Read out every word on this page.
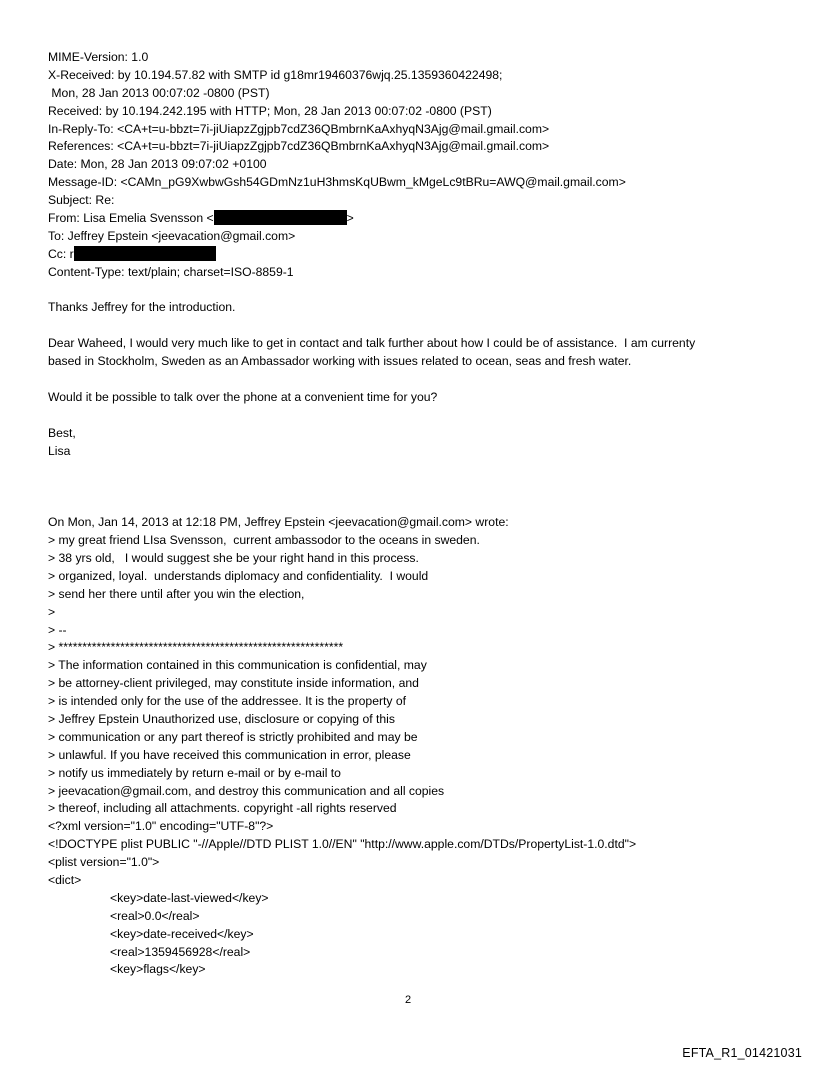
MIME-Version: 1.0
X-Received: by 10.194.57.82 with SMTP id g18mr19460376wjq.25.1359360422498;
Mon, 28 Jan 2013 00:07:02 -0800 (PST)
Received: by 10.194.242.195 with HTTP; Mon, 28 Jan 2013 00:07:02 -0800 (PST)
In-Reply-To: <CA+t=u-bbzt=7i-jiUiapzZgjpb7cdZ36QBmbrnKaAxhyqN3Ajg@mail.gmail.com>
References: <CA+t=u-bbzt=7i-jiUiapzZgjpb7cdZ36QBmbrnKaAxhyqN3Ajg@mail.gmail.com>
Date: Mon, 28 Jan 2013 09:07:02 +0100
Message-ID: <CAMn_pG9XwbwGsh54GDmNz1uH3hmsKqUBwm_kMgeLc9tBRu=AWQ@mail.gmail.com>
Subject: Re:
From: Lisa Emelia Svensson <	>
To: Jeffrey Epstein <jeevacation@gmail.com>
Cc: r
Content-Type: text/plain; charset=ISO-8859-1
Thanks Jeffrey for the introduction.
Dear Waheed, I would very much like to get in contact and talk further about how I could be of assistance.  I am currenty
based in Stockholm, Sweden as an Ambassador working with issues related to ocean, seas and fresh water.
Would it be possible to talk over the phone at a convenient time for you?
Best,
Lisa
On Mon, Jan 14, 2013 at 12:18 PM, Jeffrey Epstein <jeevacation@gmail.com> wrote:
> my great friend LIsa Svensson,  current ambassodor to the oceans in sweden.
> 38 yrs old,   I would suggest she be your right hand in this process.
> organized, loyal.  understands diplomacy and confidentiality.  I would
> send her there until after you win the election,
>
> --
> ************************************************************
> The information contained in this communication is confidential, may
> be attorney-client privileged, may constitute inside information, and
> is intended only for the use of the addressee. It is the property of
> Jeffrey Epstein Unauthorized use, disclosure or copying of this
> communication or any part thereof is strictly prohibited and may be
> unlawful. If you have received this communication in error, please
> notify us immediately by return e-mail or by e-mail to
> jeevacation@gmail.com, and destroy this communication and all copies
> thereof, including all attachments. copyright -all rights reserved
<?xml version="1.0" encoding="UTF-8"?>
<!DOCTYPE plist PUBLIC "-//Apple//DTD PLIST 1.0//EN" "http://www.apple.com/DTDs/PropertyList-1.0.dtd">
<plist version="1.0">
<dict>
<key>date-last-viewed</key>
<real>0.0</real>
<key>date-received</key>
<real>1359456928</real>
<key>flags</key>
2
EFTA_R1_01421031
